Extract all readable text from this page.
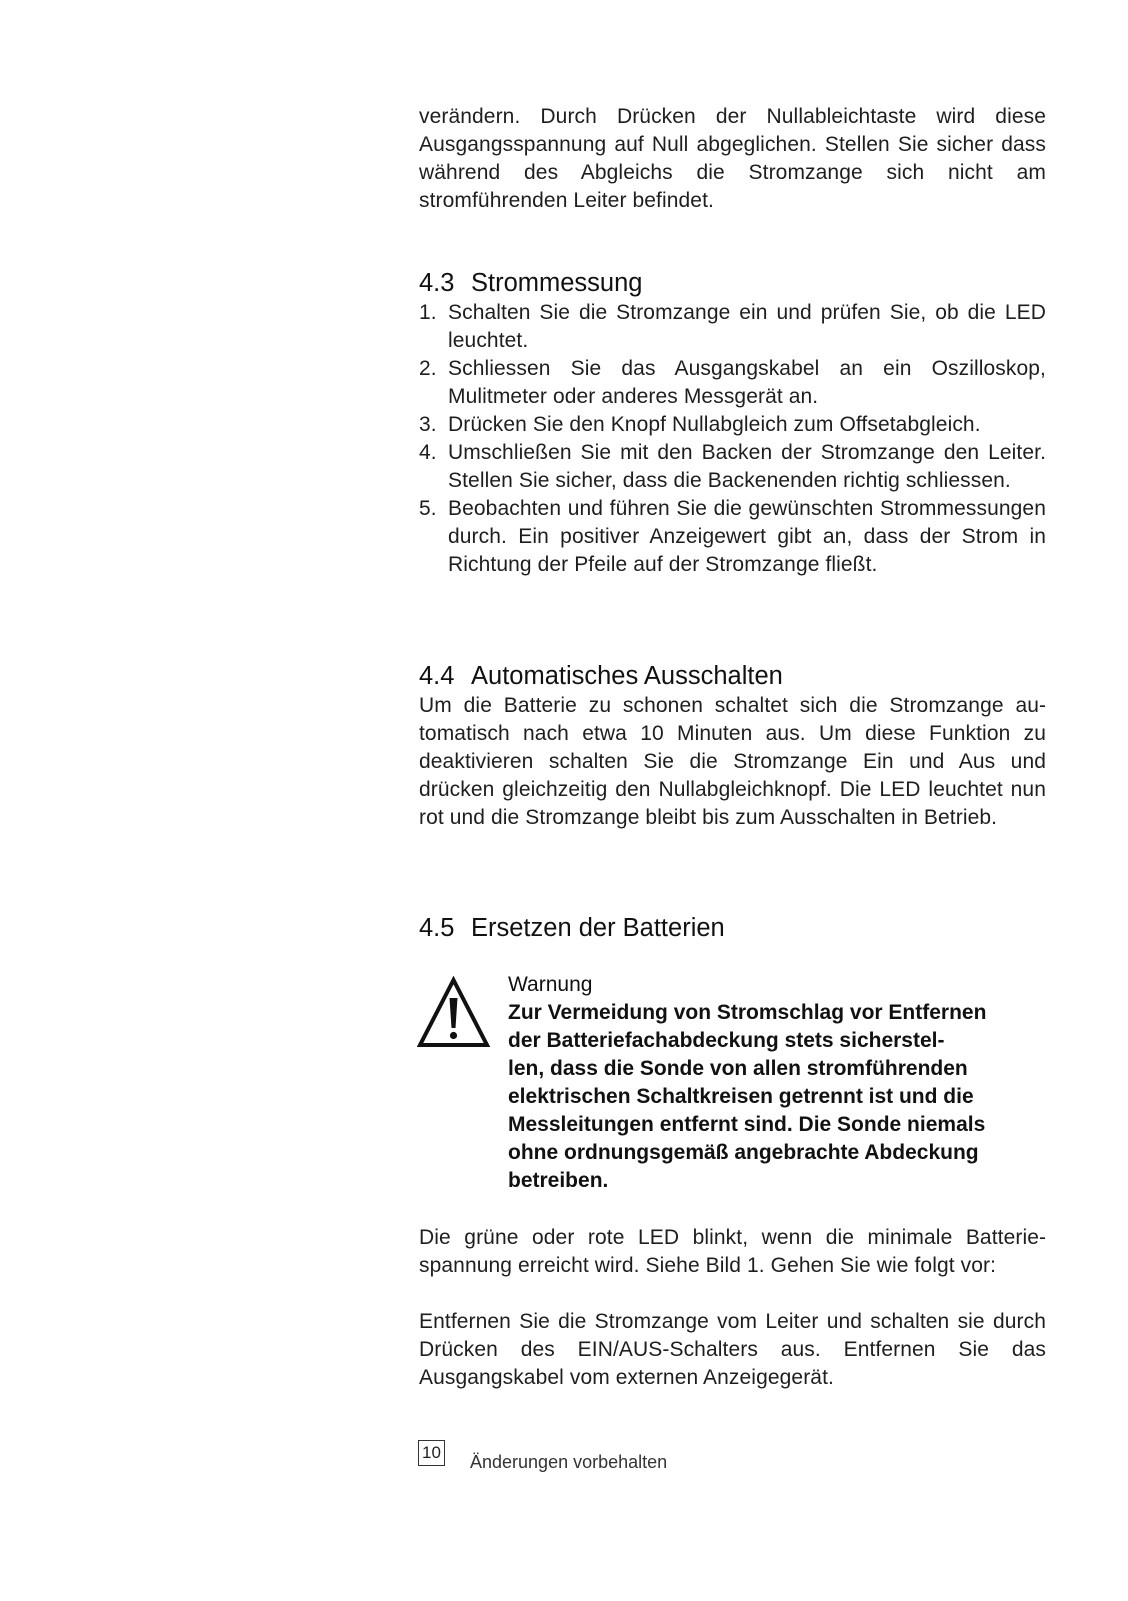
verändern. Durch Drücken der Nullableichtaste wird diese Ausgangsspannung auf Null abgeglichen. Stellen Sie sicher dass während des Abgleichs die Stromzange sich nicht am stromführenden Leiter befindet.

4.3 Strommessung
1. Schalten Sie die Stromzange ein und prüfen Sie, ob die LED leuchtet.
2. Schliessen Sie das Ausgangskabel an ein Oszilloskop, Mulitmeter oder anderes Messgerät an.
3. Drücken Sie den Knopf Nullabgleich zum Offsetabgleich.
4. Umschließen Sie mit den Backen der Stromzange den Leiter. Stellen Sie sicher, dass die Backenenden richtig schliessen.
5. Beobachten und führen Sie die gewünschten Strommessungen durch. Ein positiver Anzeigewert gibt an, dass der Strom in Richtung der Pfeile auf der Stromzange fließt.
4.4 Automatisches Ausschalten

Um die Batterie zu schonen schaltet sich die Stromzange automatisch nach etwa 10 Minuten aus. Um diese Funktion zu deaktivieren schalten Sie die Stromzange Ein und Aus und drücken gleichzeitig den Nullabgleichknopf. Die LED leuchtet nun rot und die Stromzange bleibt bis zum Ausschalten in Betrieb.

4.5 Ersetzen der Batterien
Warnung
Zur Vermeidung von Stromschlag vor Entfernen
der Batteriefachabdeckung stets sicherstel-
len, dass die Sonde von allen stromführenden
elektrischen Schaltkreisen getrennt ist und die
Messleitungen entfernt sind. Die Sonde niemals
ohne ordnungsgemäß angebrachte Abdeckung
betreiben.

Die grüne oder rote LED blinkt, wenn die minimale Batteriespannung erreicht wird. Siehe Bild 1. Gehen Sie wie folgt vor:

Entfernen Sie die Stromzange vom Leiter und schalten sie durch Drücken des EIN/AUS-Schalters aus. Entfernen Sie das Ausgangskabel vom externen Anzeigegerät.

10 Änderungen vorbehalten
